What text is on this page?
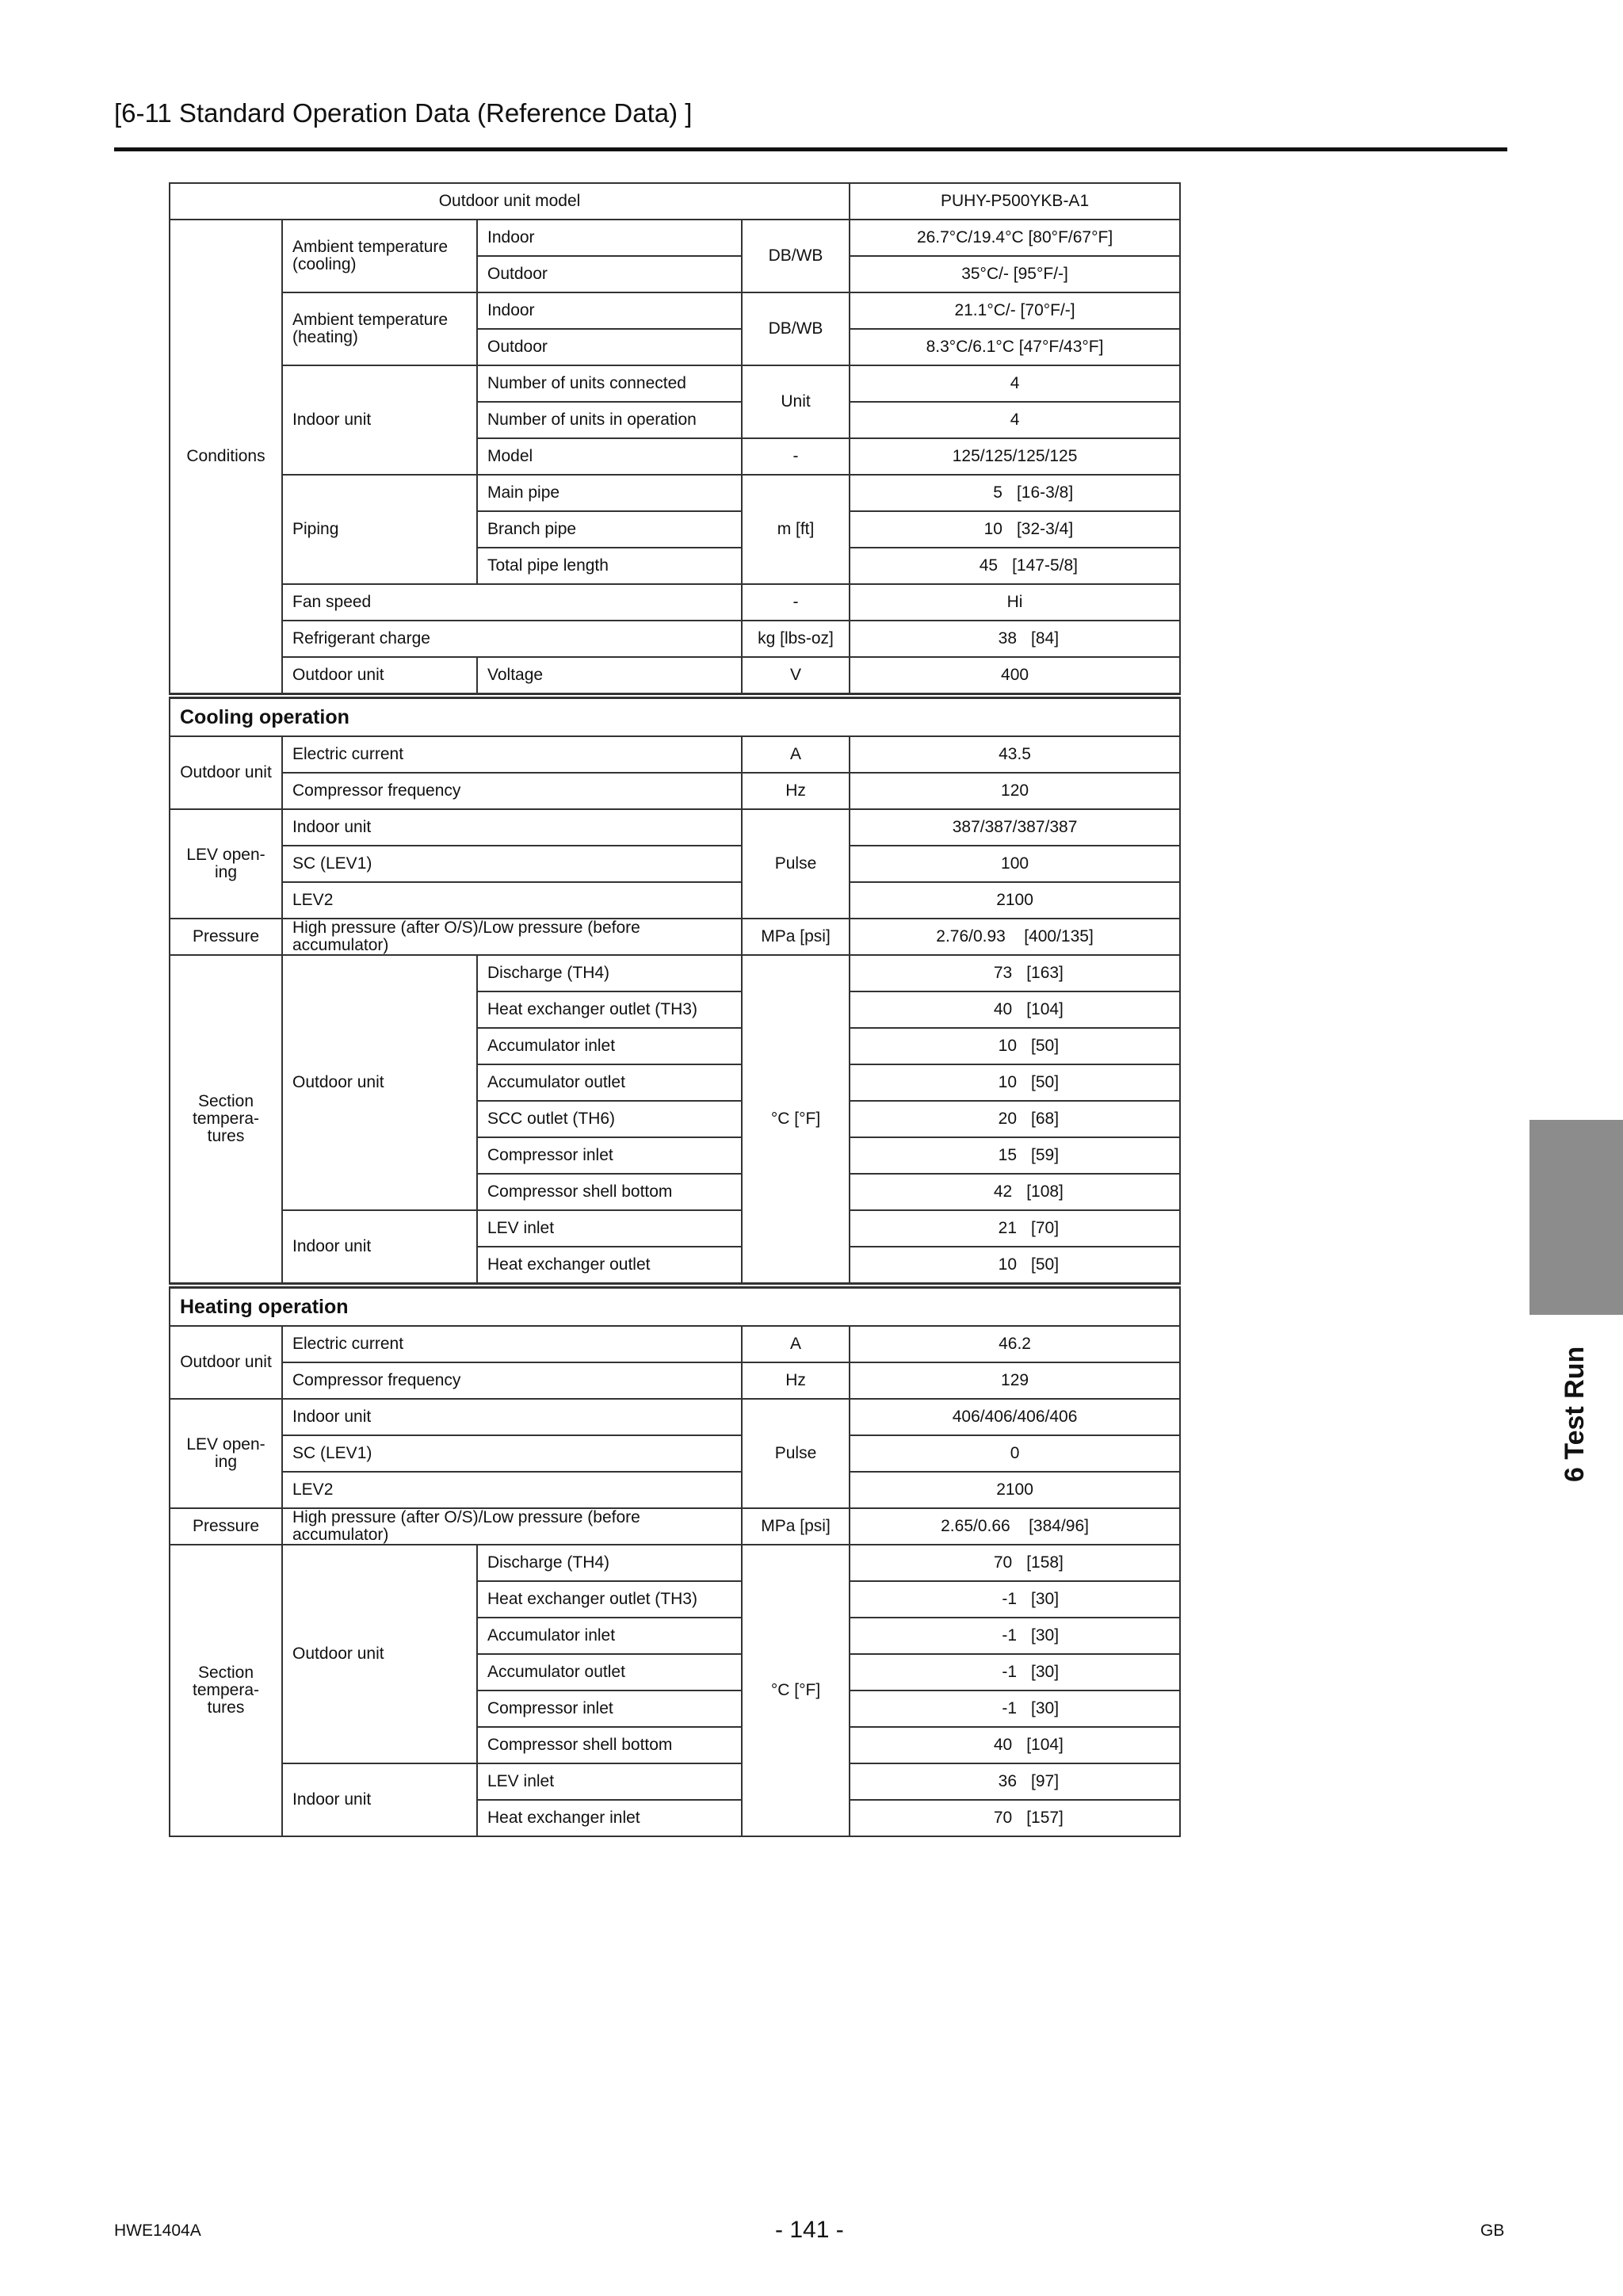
[6-11 Standard Operation Data (Reference Data) ]
Outdoor unit model				PUHY-P500YKB-A1
Conditions	Ambient temperature (cooling)	Indoor	DB/WB	26.7°C/19.4°C [80°F/67°F]
		Outdoor		35°C/- [95°F/-]
	Ambient temperature (heating)	Indoor	DB/WB	21.1°C/- [70°F/-]
		Outdoor		8.3°C/6.1°C [47°F/43°F]
	Indoor unit	Number of units connected	Unit	4
		Number of units in operation		4
		Model	-	125/125/125/125
	Piping	Main pipe	m [ft]	5 [16-3/8]
		Branch pipe		10 [32-3/4]
		Total pipe length		45 [147-5/8]
	Fan speed		-	Hi
	Refrigerant charge		kg [lbs-oz]	38 [84]
	Outdoor unit	Voltage	V	400
Cooling operation				
Outdoor unit	Electric current		A	43.5
	Compressor frequency		Hz	120

LEV open-
ing	Indoor unit		Pulse	387/387/387/387
	SC (LEV1)			100
	LEV2			2100
Pressure	High pressure (after O/S)/Low pressure (before accumulator)		MPa [psi]	2.76/0.93 [400/135]

Section
tempera-
tures	Outdoor unit	Discharge (TH4)	°C [°F]	73 [163]
		Heat exchanger outlet (TH3)		40 [104]
		Accumulator inlet		10 [50]
		Accumulator outlet		10 [50]
		SCC outlet (TH6)		20 [68]
		Compressor inlet		15 [59]
		Compressor shell bottom		42 [108]
	Indoor unit	LEV inlet		21 [70]
		Heat exchanger outlet		10 [50]
Heating operation				
Outdoor unit	Electric current		A	46.2
	Compressor frequency		Hz	129

LEV open-
ing	Indoor unit		Pulse	406/406/406/406
	SC (LEV1)			0
	LEV2			2100
Pressure	High pressure (after O/S)/Low pressure (before accumulator)		MPa [psi]	2.65/0.66 [384/96]

Section
tempera-
tures	Outdoor unit	Discharge (TH4)	°C [°F]	70 [158]
		Heat exchanger outlet (TH3)		-1 [30]
		Accumulator inlet		-1 [30]
		Accumulator outlet		-1 [30]
		Compressor inlet		-1 [30]
		Compressor shell bottom		40 [104]
	Indoor unit	LEV inlet		36 [97]
		Heat exchanger inlet		70 [157]
6 Test Run
HWE1404A	- 141 -	GB
